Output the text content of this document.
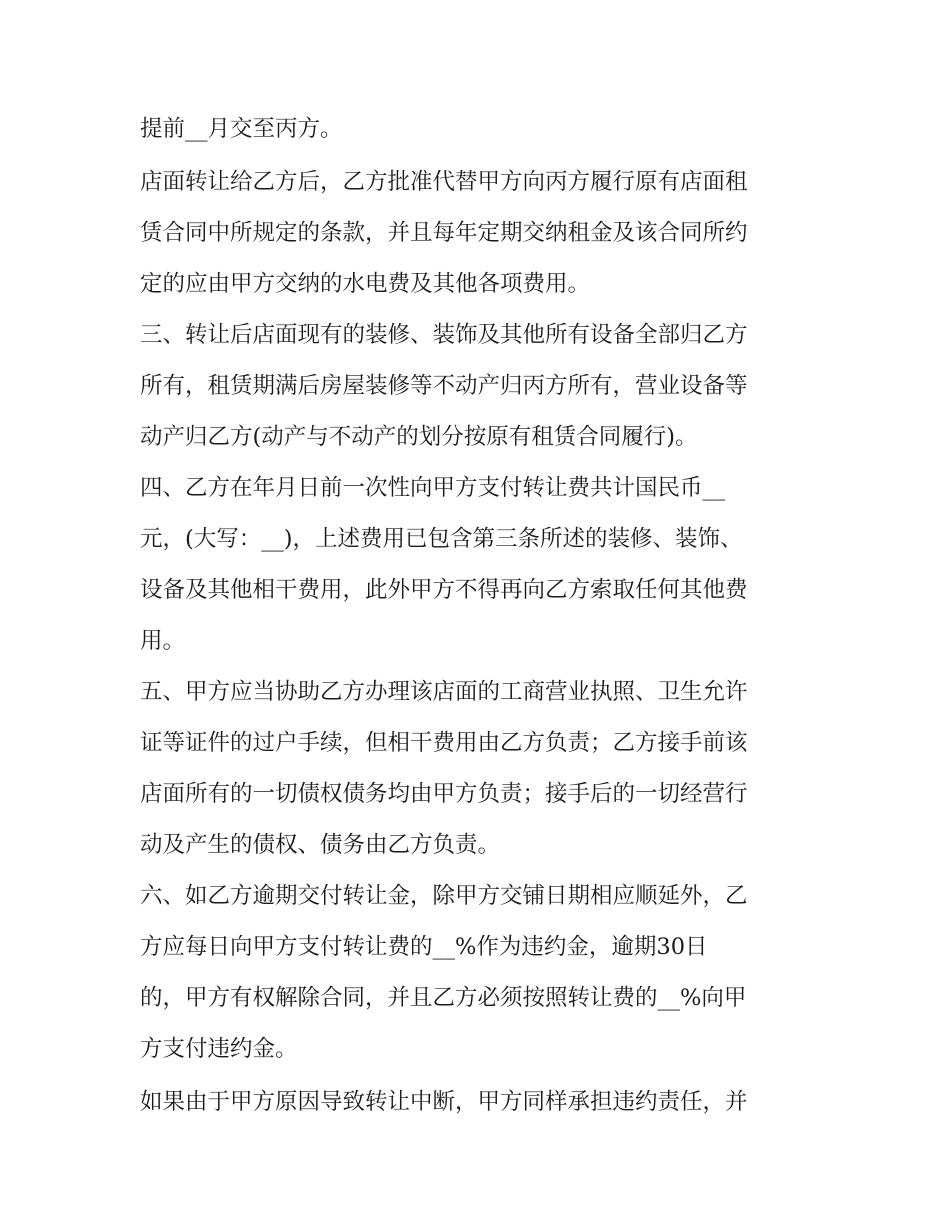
提前__月交至丙方。

店面转让给乙方后，乙方批准代替甲方向丙方履行原有店面租

赁合同中所规定的条款，并且每年定期交纳租金及该合同所约

定的应由甲方交纳的水电费及其他各项费用。

三、转让后店面现有的装修、装饰及其他所有设备全部归乙方

所有，租赁期满后房屋装修等不动产归丙方所有，营业设备等

动产归乙方(动产与不动产的划分按原有租赁合同履行)。

四、乙方在年月日前一次性向甲方支付转让费共计国民币__

元，(大写：__)，上述费用已包含第三条所述的装修、装饰、

设备及其他相干费用，此外甲方不得再向乙方索取任何其他费

用。

五、甲方应当协助乙方办理该店面的工商营业执照、卫生允许

证等证件的过户手续，但相干费用由乙方负责；乙方接手前该

店面所有的一切债权债务均由甲方负责；接手后的一切经营行

动及产生的债权、债务由乙方负责。

六、如乙方逾期交付转让金，除甲方交铺日期相应顺延外，乙

方应每日向甲方支付转让费的__%作为违约金，逾期30日

的，甲方有权解除合同，并且乙方必须按照转让费的__%向甲

方支付违约金。

如果由于甲方原因导致转让中断，甲方同样承担违约责任，并
